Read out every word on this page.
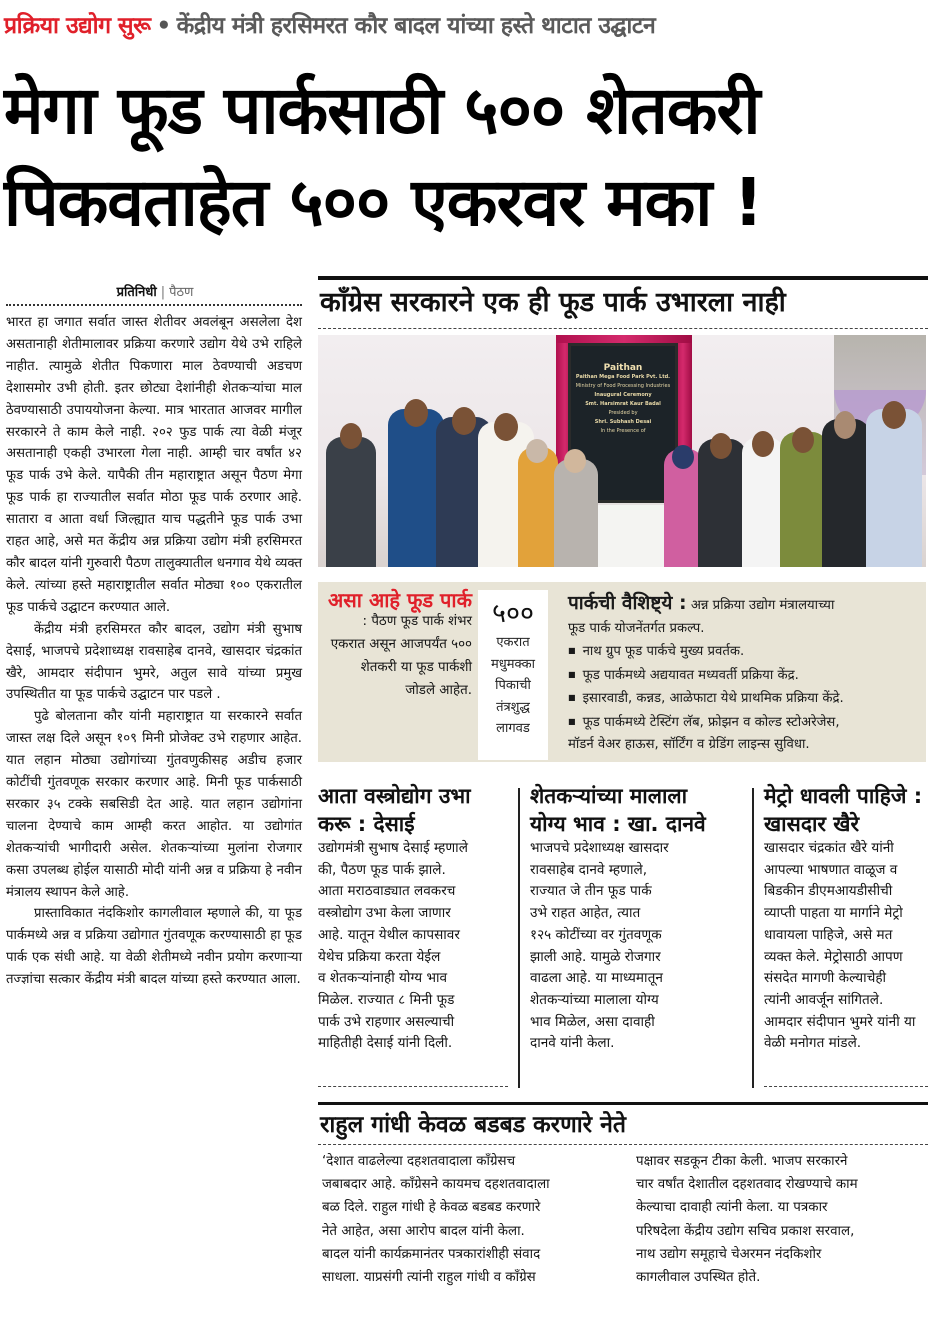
प्रक्रिया उद्योग सुरू • केंद्रीय मंत्री हरसिमरत कौर बादल यांच्या हस्ते थाटात उद्घाटन
मेगा फूड पार्कसाठी ५०० शेतकरी
पिकवताहेत ५०० एकरवर मका !
प्रतिनिधी | पैठण

भारत हा जगात सर्वात जास्त शेतीवर अवलंबून असलेला देश असतानाही शेतीमालावर प्रक्रिया करणारे उद्योग येथे उभे राहिले नाहीत. त्यामुळे शेतीत पिकणारा माल ठेवण्याची अडचण देशासमोर उभी होती. इतर छोट्या देशांनीही शेतकऱ्यांचा माल ठेवण्यासाठी उपाययोजना केल्या. मात्र भारतात आजवर मागील सरकारने ते काम केले नाही. २०२ फुड पार्क त्या वेळी मंजूर असतानाही एकही उभारला गेला नाही. आम्ही चार वर्षांत ४२ फूड पार्क उभे केले. यापैकी तीन महाराष्ट्रात असून पैठण मेगा फूड पार्क हा राज्यातील सर्वात मोठा फूड पार्क ठरणार आहे. सातारा व आता वर्धा जिल्ह्यात याच पद्धतीने फूड पार्क उभा राहत आहे, असे मत केंद्रीय अन्न प्रक्रिया उद्योग मंत्री हरसिमरत कौर बादल यांनी गुरुवारी पैठण तालुक्यातील धनगाव येथे व्यक्त केले. त्यांच्या हस्ते महाराष्ट्रातील सर्वात मोठ्या १०० एकरातील फूड पार्कचे उद्घाटन करण्यात आले.

केंद्रीय मंत्री हरसिमरत कौर बादल, उद्योग मंत्री सुभाष देसाई, भाजपचे प्रदेशाध्यक्ष रावसाहेब दानवे, खासदार चंद्रकांत खैरे, आमदार संदीपान भुमरे, अतुल सावे यांच्या प्रमुख उपस्थितीत या फूड पार्कचे उद्घाटन पार पडले .

पुढे बोलताना कौर यांनी महाराष्ट्रात या सरकारने सर्वात जास्त लक्ष दिले असून १०९ मिनी प्रोजेक्ट उभे राहणार आहेत. यात लहान मोठ्या उद्योगांच्या गुंतवणुकीसह अडीच हजार कोटींची गुंतवणूक सरकार करणार आहे. मिनी फूड पार्कसाठी सरकार ३५ टक्के सबसिडी देत आहे. यात लहान उद्योगांना चालना देण्याचे काम आम्ही करत आहोत. या उद्योगांत शेतकऱ्यांची भागीदारी असेल. शेतकऱ्यांच्या मुलांना रोजगार कसा उपलब्ध होईल यासाठी मोदी यांनी अन्न व प्रक्रिया हे नवीन मंत्रालय स्थापन केले आहे.

प्रास्ताविकात नंदकिशोर कागलीवाल म्हणाले की, या फूड पार्कमध्ये अन्न व प्रक्रिया उद्योगात गुंतवणूक करण्यासाठी हा फूड पार्क एक संधी आहे. या वेळी शेतीमध्ये नवीन प्रयोग करणाऱ्या तज्ज्ञांचा सत्कार केंद्रीय मंत्री बादल यांच्या हस्ते करण्यात आला.

काँग्रेस सरकारने एक ही फूड पार्क उभारला नाही
Paithan
Paithan Mega Food Park Pvt. Ltd.
Ministry of Food Processing Industries
Inaugural Ceremony
Smt. Harsimrat Kaur Badal
Presided by
Shri. Subhash Desai
In the Presence of
असा आहे फूड पार्क
: पैठण फूड पार्क शंभर एकरात असून आजपर्यंत ५०० शेतकरी या फूड पार्कशी जोडले आहेत.
५००
एकरात
मधुमक्का
पिकाची
तंत्रशुद्ध
लागवड
पार्कची वैशिष्ट्ये : अन्न प्रक्रिया उद्योग मंत्रालयाच्या
फूड पार्क योजनेंतर्गत प्रकल्प.
■ नाथ ग्रुप फूड पार्कचे मुख्य प्रवर्तक.
■ फूड पार्कमध्ये अद्ययावत मध्यवर्ती प्रक्रिया केंद्र.
■ इसारवाडी, कन्नड, आळेफाटा येथे प्राथमिक प्रक्रिया केंद्रे.
■ फूड पार्कमध्ये टेस्टिंग लॅब, फ्रोझन व कोल्ड स्टोअरेजेस,
मॉडर्न वेअर हाऊस, सॉर्टिंग व ग्रेडिंग लाइन्स सुविधा.
आता वस्त्रोद्योग उभा
करू : देसाई
उद्योगमंत्री सुभाष देसाई म्हणाले
की, पैठण फूड पार्क झाले.
आता मराठवाड्यात लवकरच
वस्त्रोद्योग उभा केला जाणार
आहे. यातून येथील कापसावर
येथेच प्रक्रिया करता येईल
व शेतकऱ्यांनाही योग्य भाव
मिळेल. राज्यात ८ मिनी फूड
पार्क उभे राहणार असल्याची
माहितीही देसाई यांनी दिली.
शेतकऱ्यांच्या मालाला
योग्य भाव : खा. दानवे
भाजपचे प्रदेशाध्यक्ष खासदार
रावसाहेब दानवे म्हणाले,
राज्यात जे तीन फूड पार्क
उभे राहत आहेत, त्यात
१२५ कोटींच्या वर गुंतवणूक
झाली आहे. यामुळे रोजगार
वाढला आहे. या माध्यमातून
शेतकऱ्यांच्या मालाला योग्य
भाव मिळेल, असा दावाही
दानवे यांनी केला.
मेट्रो धावली पाहिजे :
खासदार खैरे
खासदार चंद्रकांत खैरे यांनी
आपल्या भाषणात वाळूज व
बिडकीन डीएमआयडीसीची
व्याप्ती पाहता या मार्गाने मेट्रो
धावायला पाहिजे, असे मत
व्यक्त केले. मेट्रोसाठी आपण
संसदेत मागणी केल्याचेही
त्यांनी आवर्जून सांगितले.
आमदार संदीपान भुमरे यांनी या
वेळी मनोगत मांडले.
राहुल गांधी केवळ बडबड करणारे नेते
‘देशात वाढलेल्या दहशतवादाला काँग्रेसच
जबाबदार आहे. काँग्रेसने कायमच दहशतवादाला
बळ दिले. राहुल गांधी हे केवळ बडबड करणारे
नेते आहेत, असा आरोप बादल यांनी केला.
बादल यांनी कार्यक्रमानंतर पत्रकारांशीही संवाद
साधला. याप्रसंगी त्यांनी राहुल गांधी व काँग्रेस
पक्षावर सडकून टीका केली. भाजप सरकारने
चार वर्षांत देशातील दहशतवाद रोखण्याचे काम
केल्याचा दावाही त्यांनी केला. या पत्रकार
परिषदेला केंद्रीय उद्योग सचिव प्रकाश सरवाल,
नाथ उद्योग समूहाचे चेअरमन नंदकिशोर
कागलीवाल उपस्थित होते.
